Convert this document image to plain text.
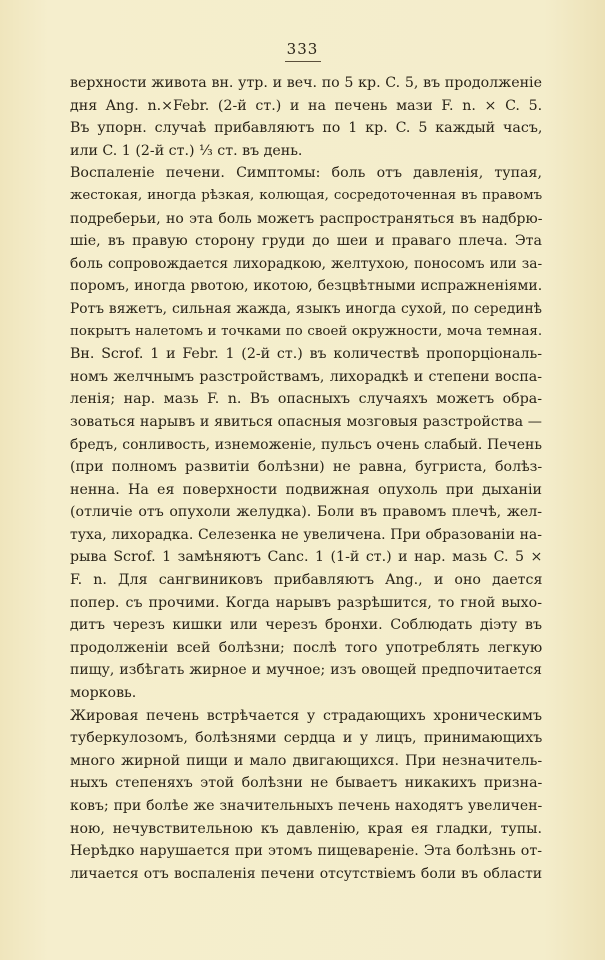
333

верхности живота вн. утр. и веч. по 5 кр. C. 5, въ продолженіе
дня Ang. n.×Febr. (2-й ст.) и на печень мази F. n. × C. 5.
Въ упорн. случаѣ прибавляютъ по 1 кр. C. 5 каждый часъ,
или C. 1 (2-й ст.) ⅓ ст. въ день.

Воспаленіе печени. Симптомы: боль отъ давленія, тупая,
жестокая, иногда рѣзкая, колющая, сосредоточенная въ правомъ
подреберьи, но эта боль можетъ распространяться въ надбрю-
шіе, въ правую сторону груди до шеи и праваго плеча. Эта
боль сопровождается лихорадкою, желтухою, поносомъ или за-
поромъ, иногда рвотою, икотою, безцвѣтными испражненіями.
Ротъ вяжетъ, сильная жажда, языкъ иногда сухой, по серединѣ
покрытъ налетомъ и точками по своей окружности, моча темная.
Вн. Scrof. 1 и Febr. 1 (2-й ст.) въ количествѣ пропорціональ-
номъ желчнымъ разстройствамъ, лихорадкѣ и степени воспа-
ленія; нар. мазь F. n. Въ опасныхъ случаяхъ можетъ обра-
зоваться нарывъ и явиться опасныя мозговыя разстройства —
бредъ, сонливость, изнеможеніе, пульсъ очень слабый. Печень
(при полномъ развитіи болѣзни) не равна, бугриста, болѣз-
ненна. На ея поверхности подвижная опухоль при дыханіи
(отличіе отъ опухоли желудка). Боли въ правомъ плечѣ, жел-
туха, лихорадка. Селезенка не увеличена. При образованіи на-
рыва Scrof. 1 замѣняютъ Canc. 1 (1-й ст.) и нар. мазь C. 5 ×
F. n. Для сангвиниковъ прибавляютъ Ang., и оно дается
попер. съ прочими. Когда нарывъ разрѣшится, то гной выхо-
дитъ черезъ кишки или черезъ бронхи. Соблюдать діэту въ
продолженіи всей болѣзни; послѣ того употреблять легкую
пищу, избѣгать жирное и мучное; изъ овощей предпочитается
морковь.

Жировая печень встрѣчается у страдающихъ хроническимъ
туберкулозомъ, болѣзнями сердца и у лицъ, принимающихъ
много жирной пищи и мало двигающихся. При незначитель-
ныхъ степеняхъ этой болѣзни не бываетъ никакихъ призна-
ковъ; при болѣе же значительныхъ печень находятъ увеличен-
ною, нечувствительною къ давленію, края ея гладки, тупы.
Нерѣдко нарушается при этомъ пищевареніе. Эта болѣзнь от-
личается отъ воспаленія печени отсутствіемъ боли въ области
